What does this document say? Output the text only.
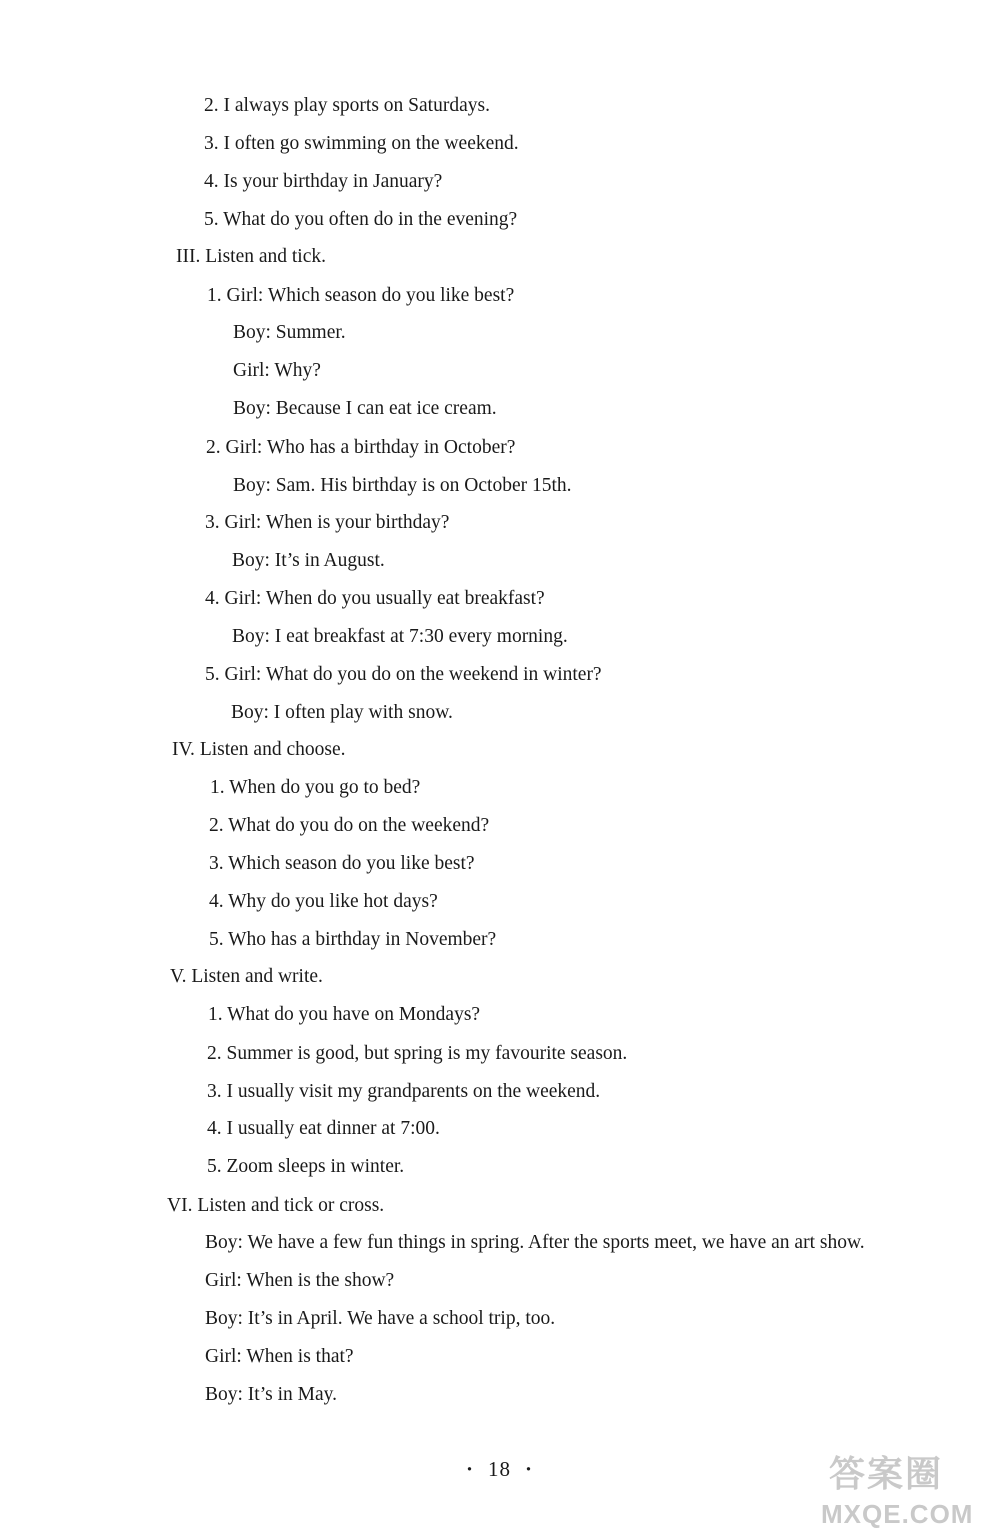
2. I always play sports on Saturdays.
3. I often go swimming on the weekend.
4. Is your birthday in January?
5. What do you often do in the evening?
III. Listen and tick.
1. Girl: Which season do you like best?
Boy: Summer.
Girl: Why?
Boy: Because I can eat ice cream.
2. Girl: Who has a birthday in October?
Boy: Sam. His birthday is on October 15th.
3. Girl: When is your birthday?
Boy: It’s in August.
4. Girl: When do you usually eat breakfast?
Boy: I eat breakfast at 7:30 every morning.
5. Girl: What do you do on the weekend in winter?
Boy: I often play with snow.
IV. Listen and choose.
1. When do you go to bed?
2. What do you do on the weekend?
3. Which season do you like best?
4. Why do you like hot days?
5. Who has a birthday in November?
V. Listen and write.
1. What do you have on Mondays?
2. Summer is good, but spring is my favourite season.
3. I usually visit my grandparents on the weekend.
4. I usually eat dinner at 7:00.
5. Zoom sleeps in winter.
VI. Listen and tick or cross.
Boy: We have a few fun things in spring. After the sports meet, we have an art show.
Girl: When is the show?
Boy: It’s in April. We have a school trip, too.
Girl: When is that?
Boy: It’s in May.
· 18 ·	答案圈
MXQE.COM
